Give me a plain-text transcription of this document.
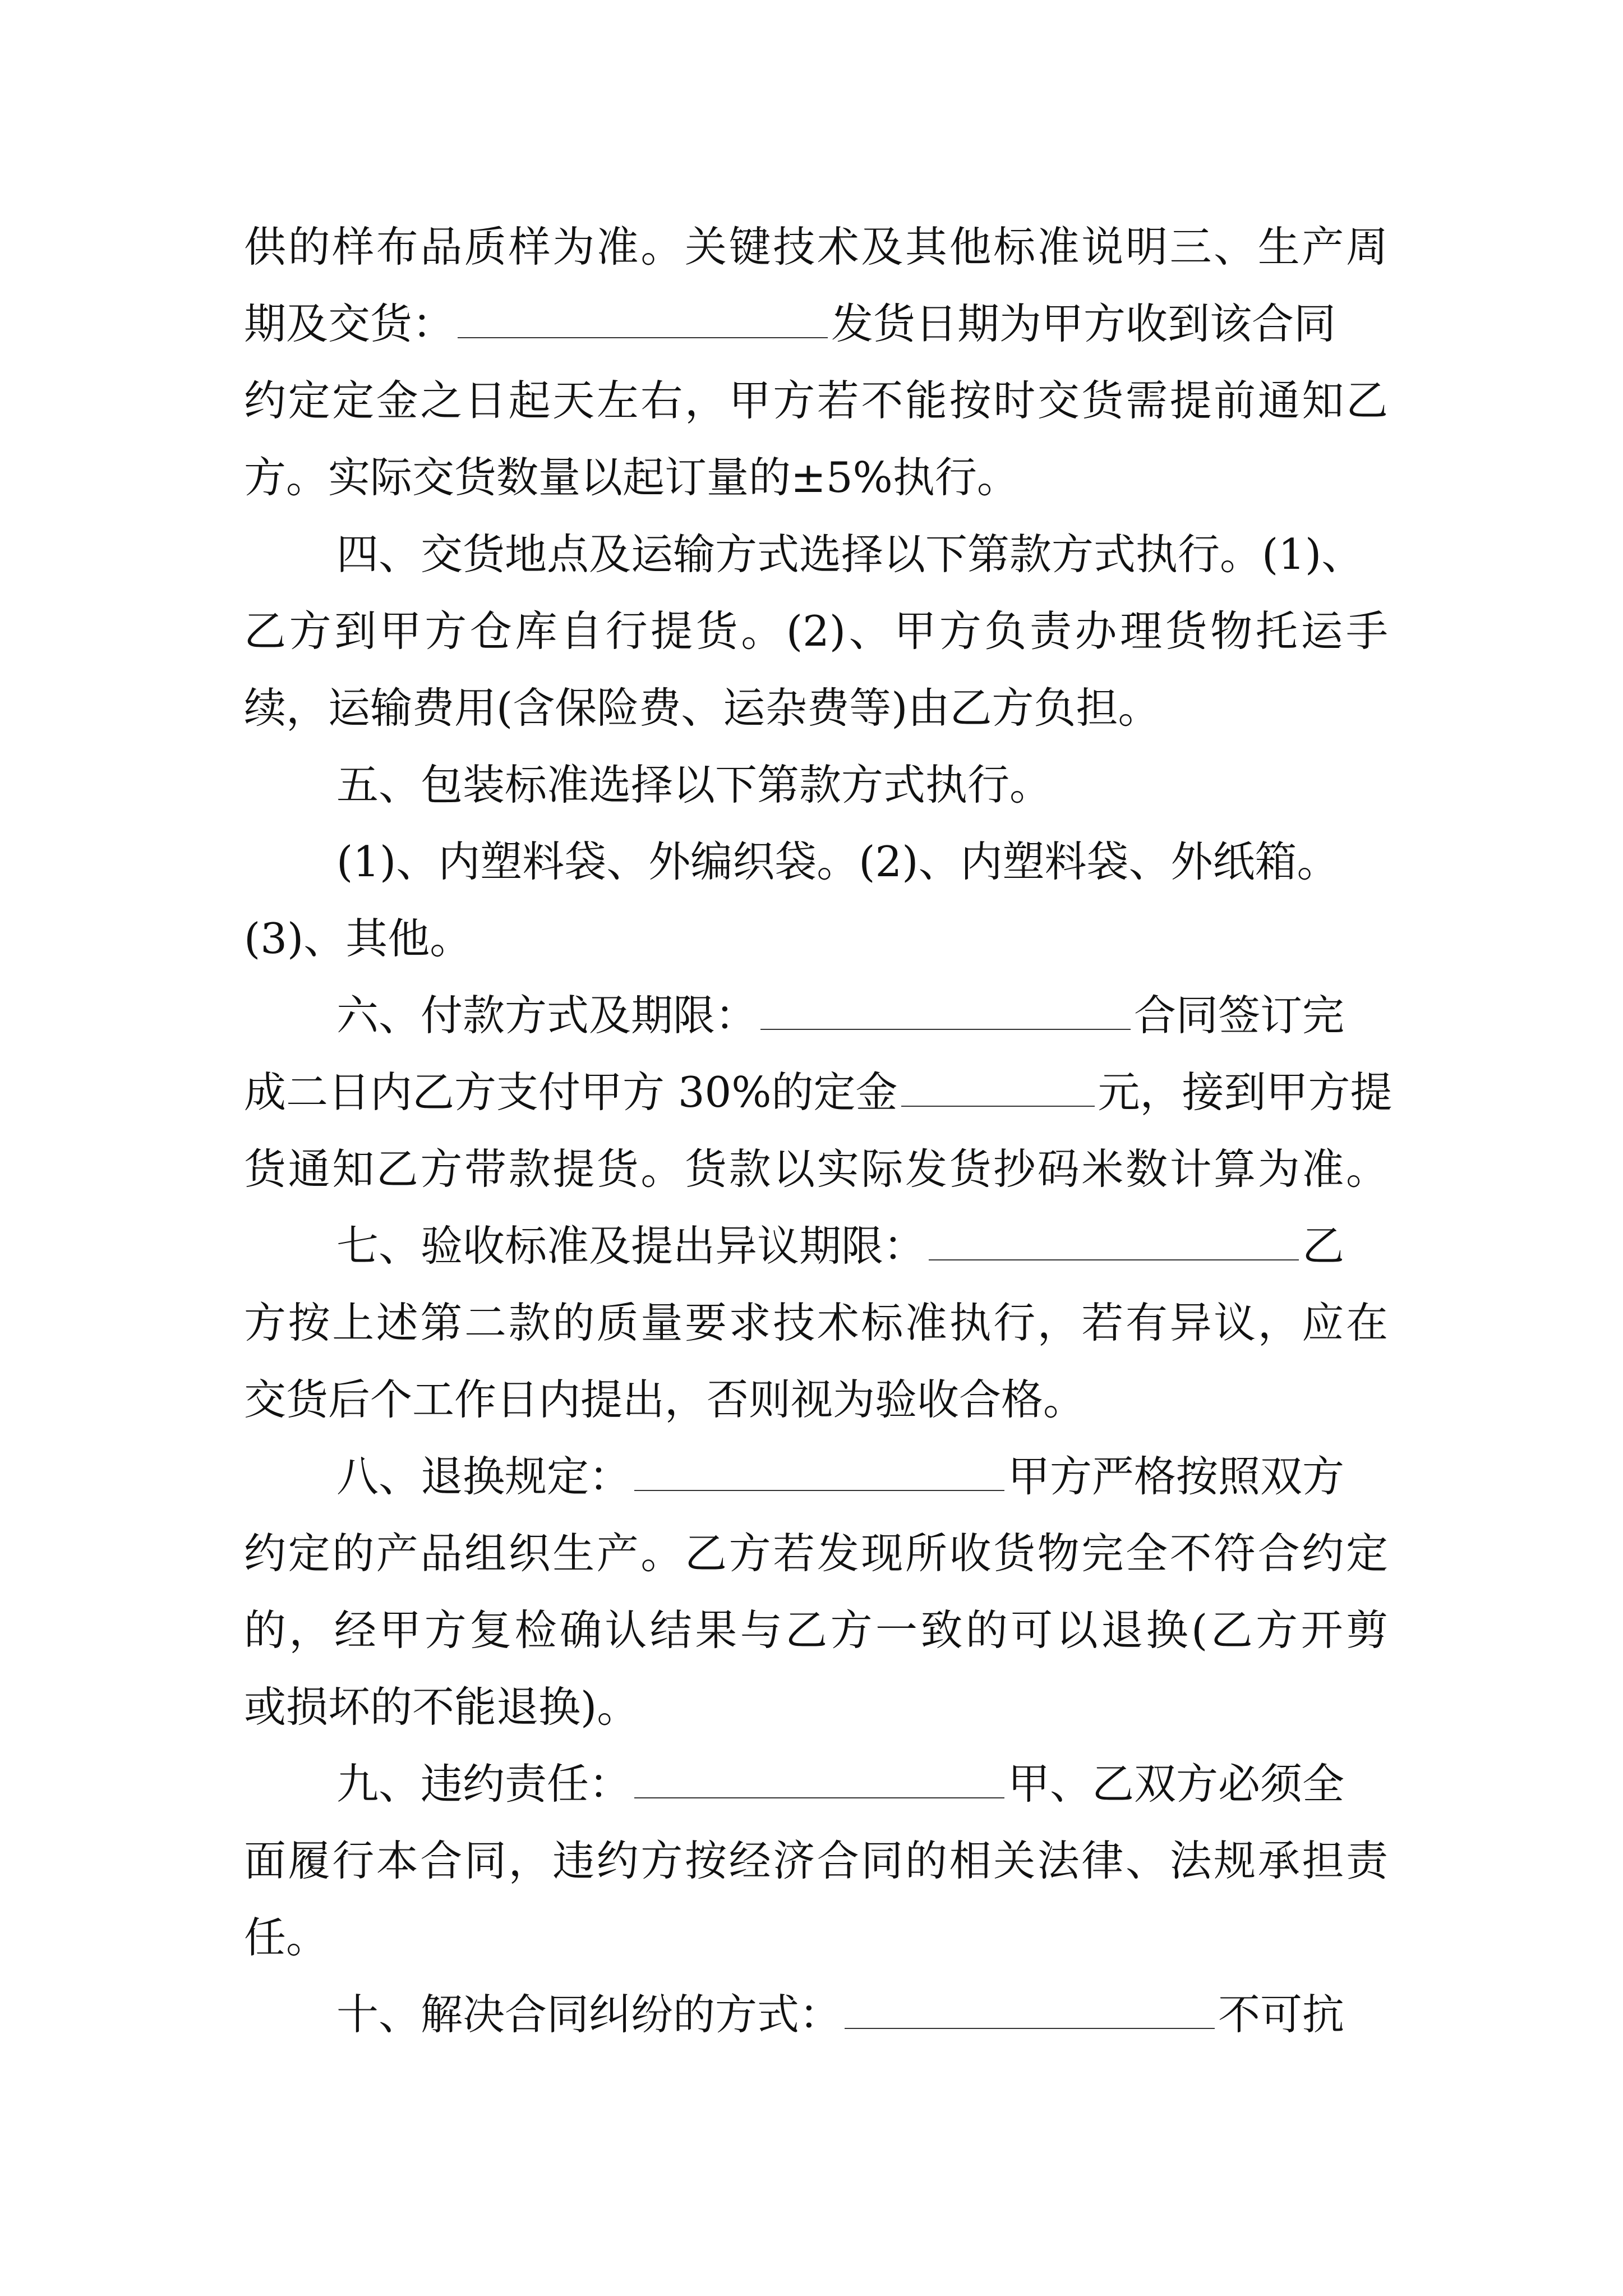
供的样布品质样为准。关键技术及其他标准说明三、生产周
期及交货：	发货日期为甲方收到该合同
约定定金之日起天左右，甲方若不能按时交货需提前通知乙
方。实际交货数量以起订量的±5%执行。
四、交货地点及运输方式选择以下第款方式执行。(1)、
乙方到甲方仓库自行提货。(2)、甲方负责办理货物托运手
续，运输费用(含保险费、运杂费等)由乙方负担。
五、包装标准选择以下第款方式执行。
(1)、内塑料袋、外编织袋。(2)、内塑料袋、外纸箱。
(3)、其他。
六、付款方式及期限：	合同签订完
成二日内乙方支付甲方 30%的定金	元，接到甲方提
货通知乙方带款提货。货款以实际发货抄码米数计算为准。
七、验收标准及提出异议期限：	乙
方按上述第二款的质量要求技术标准执行，若有异议，应在
交货后个工作日内提出，否则视为验收合格。
八、退换规定：	甲方严格按照双方
约定的产品组织生产。乙方若发现所收货物完全不符合约定
的，经甲方复检确认结果与乙方一致的可以退换(乙方开剪
或损坏的不能退换)。
九、违约责任：	甲、乙双方必须全
面履行本合同，违约方按经济合同的相关法律、法规承担责
任。
十、解决合同纠纷的方式：	不可抗
